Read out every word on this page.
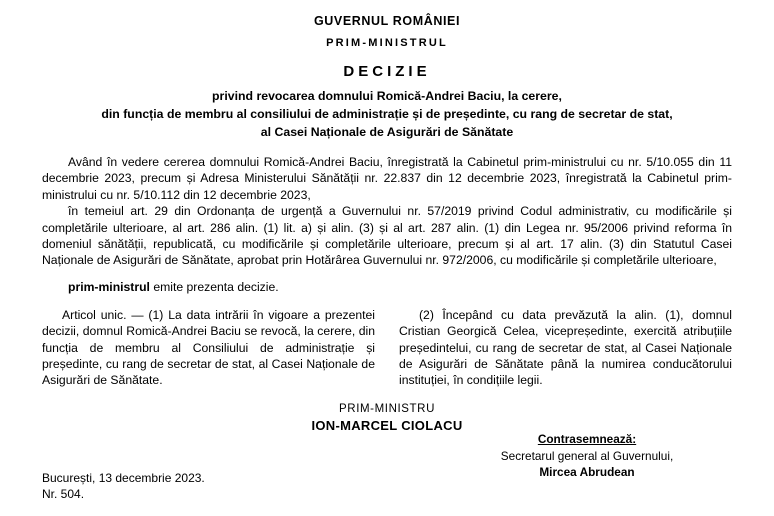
GUVERNUL ROMÂNIEI
PRIM-MINISTRUL
DECIZIE
privind revocarea domnului Romică-Andrei Baciu, la cerere,
din funcția de membru al consiliului de administrație și de președinte, cu rang de secretar de stat,
al Casei Naționale de Asigurări de Sănătate

Având în vedere cererea domnului Romică-Andrei Baciu, înregistrată la Cabinetul prim-ministrului cu nr. 5/10.055 din 11 decembrie 2023, precum și Adresa Ministerului Sănătății nr. 22.837 din 12 decembrie 2023, înregistrată la Cabinetul prim-ministrului cu nr. 5/10.112 din 12 decembrie 2023,

în temeiul art. 29 din Ordonanța de urgență a Guvernului nr. 57/2019 privind Codul administrativ, cu modificările și completările ulterioare, al art. 286 alin. (1) lit. a) și alin. (3) și al art. 287 alin. (1) din Legea nr. 95/2006 privind reforma în domeniul sănătății, republicată, cu modificările și completările ulterioare, precum și al art. 17 alin. (3) din Statutul Casei Naționale de Asigurări de Sănătate, aprobat prin Hotărârea Guvernului nr. 972/2006, cu modificările și completările ulterioare,

prim-ministrul emite prezenta decizie.

Articol unic. — (1) La data intrării în vigoare a prezentei decizii, domnul Romică-Andrei Baciu se revocă, la cerere, din funcția de membru al Consiliului de administrație și președinte, cu rang de secretar de stat, al Casei Naționale de Asigurări de Sănătate.

(2) Începând cu data prevăzută la alin. (1), domnul Cristian Georgică Celea, vicepreședinte, exercită atribuțiile președintelui, cu rang de secretar de stat, al Casei Naționale de Asigurări de Sănătate până la numirea conducătorului instituției, în condițiile legii.

PRIM-MINISTRU
ION-MARCEL CIOLACU
Contrasemnează:
Secretarul general al Guvernului,
Mircea Abrudean
București, 13 decembrie 2023.
Nr. 504.
